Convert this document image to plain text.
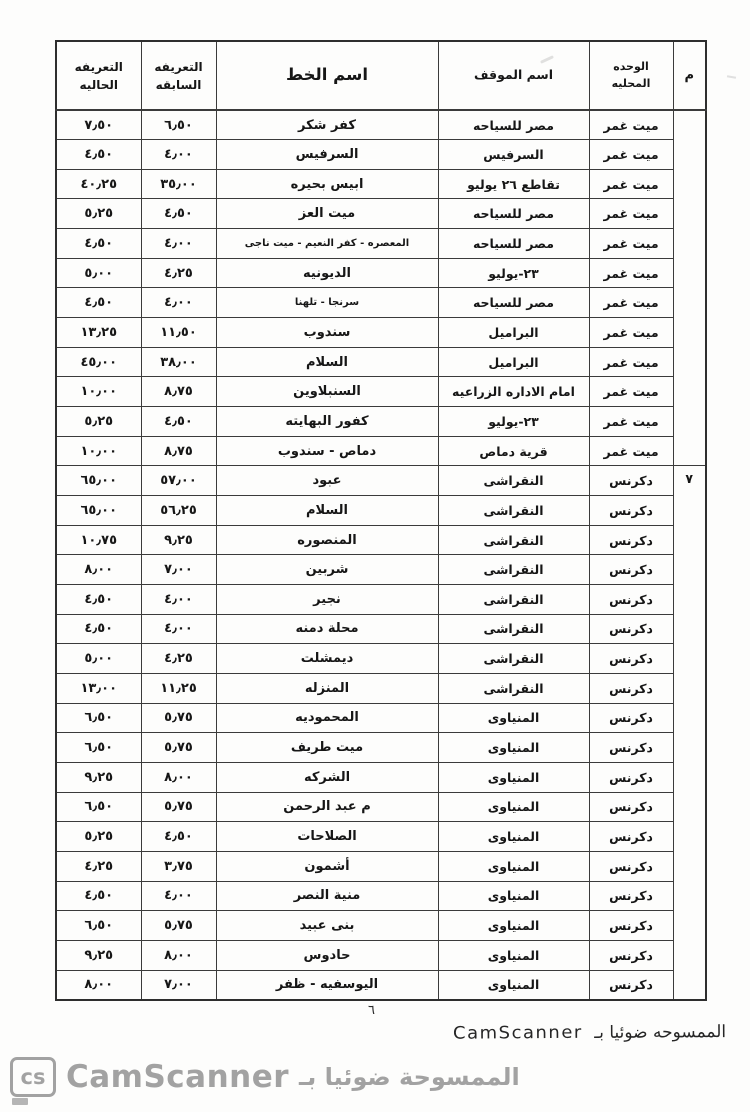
م	الوحده المحليه	اسم الموقف	اسم الخط	التعريفه السابقه	التعريفه الحاليه
	ميت غمر	مصر للسياحه	كفر شكر	٦٫٥٠	٧٫٥٠
	ميت غمر	السرفيس	السرفيس	٤٫٠٠	٤٫٥٠
	ميت غمر	تقاطع ٢٦ يوليو	ابيس بحيره	٣٥٫٠٠	٤٠٫٢٥
	ميت غمر	مصر للسياحه	ميت العز	٤٫٥٠	٥٫٢٥
	ميت غمر	مصر للسياحه	المعصره - كفر النعيم - ميت ناجى	٤٫٠٠	٤٫٥٠
	ميت غمر	٢٣-يوليو	الديونيه	٤٫٢٥	٥٫٠٠
	ميت غمر	مصر للسياحه	سرنجا - تلهنا	٤٫٠٠	٤٫٥٠
	ميت غمر	البراميل	سندوب	١١٫٥٠	١٣٫٢٥
	ميت غمر	البراميل	السلام	٣٨٫٠٠	٤٥٫٠٠
	ميت غمر	امام الاداره الزراعيه	السنبلاوين	٨٫٧٥	١٠٫٠٠
	ميت غمر	٢٣-يوليو	كفور البهايته	٤٫٥٠	٥٫٢٥
	ميت غمر	قرية دماص	دماص - سندوب	٨٫٧٥	١٠٫٠٠
٧	دكرنس	النقراشى	عبود	٥٧٫٠٠	٦٥٫٠٠
	دكرنس	النقراشى	السلام	٥٦٫٢٥	٦٥٫٠٠
	دكرنس	النقراشى	المنصوره	٩٫٢٥	١٠٫٧٥
	دكرنس	النقراشى	شربين	٧٫٠٠	٨٫٠٠
	دكرنس	النقراشى	نجير	٤٫٠٠	٤٫٥٠
	دكرنس	النقراشى	محلة دمنه	٤٫٠٠	٤٫٥٠
	دكرنس	النقراشى	ديمشلت	٤٫٢٥	٥٫٠٠
	دكرنس	النقراشى	المنزله	١١٫٢٥	١٣٫٠٠
	دكرنس	المنياوى	المحموديه	٥٫٧٥	٦٫٥٠
	دكرنس	المنياوى	ميت طريف	٥٫٧٥	٦٫٥٠
	دكرنس	المنياوى	الشركه	٨٫٠٠	٩٫٢٥
	دكرنس	المنياوى	م عبد الرحمن	٥٫٧٥	٦٫٥٠
	دكرنس	المنياوى	الصلاحات	٤٫٥٠	٥٫٢٥
	دكرنس	المنياوى	أشمون	٣٫٧٥	٤٫٢٥
	دكرنس	المنياوى	منية النصر	٤٫٠٠	٤٫٥٠
	دكرنس	المنياوى	بنى عبيد	٥٫٧٥	٦٫٥٠
	دكرنس	المنياوى	حادوس	٨٫٠٠	٩٫٢٥
	دكرنس	المنياوى	اليوسفيه - ظفر	٧٫٠٠	٨٫٠٠
٦
الممسوحه ضوئيا بـ CamScanner
cs CamScanner الممسوحة ضوئيا بـ
